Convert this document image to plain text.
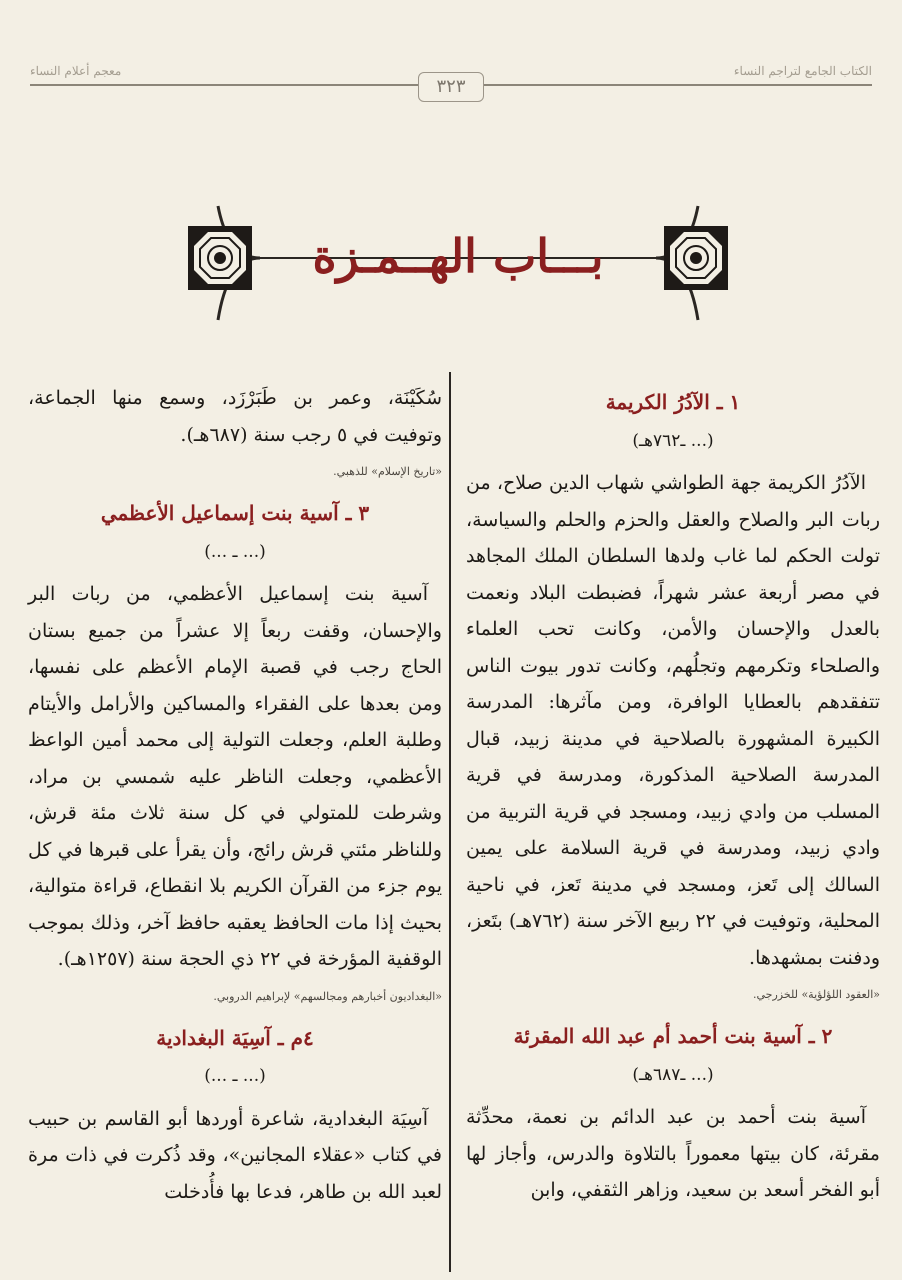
الكتاب الجامع لتراجم النساء
معجم أعلام النساء
٣٢٣
بـــاب الهــمـزة
١ ـ الآدُرُ الكريمة
(... ـ٧٦٢هـ)

الآدُرُ الكريمة جهة الطواشي شهاب الدين صلاح، من ربات البر والصلاح والعقل والحزم والحلم والسياسة، تولت الحكم لما غاب ولدها السلطان الملك المجاهد في مصر أربعة عشر شهراً، فضبطت البلاد ونعمت بالعدل والإحسان والأمن، وكانت تحب العلماء والصلحاء وتكرمهم وتجلُهم، وكانت تدور بيوت الناس تتفقدهم بالعطايا الوافرة، ومن مآثرها: المدرسة الكبيرة المشهورة بالصلاحية في مدينة زبيد، قبال المدرسة الصلاحية المذكورة، ومدرسة في قرية المسلب من وادي زبيد، ومسجد في قرية التربية من وادي زبيد، ومدرسة في قرية السلامة على يمين السالك إلى تَعز، ومسجد في مدينة تَعز، في ناحية المحلية، وتوفيت في ٢٢ ربيع الآخر سنة (٧٦٢هـ) بتَعز، ودفنت بمشهدها.

«العقود اللؤلؤية» للخزرجي.
٢ ـ آسية بنت أحمد أم عبد الله المقرئة
(... ـ٦٨٧هـ)

آسية بنت أحمد بن عبد الدائم بن نعمة، محدِّثة مقرئة، كان بيتها معموراً بالتلاوة والدرس، وأجاز لها أبو الفخر أسعد بن سعيد، وزاهر الثقفي، وابن

سُكَيْنَة، وعمر بن طَبَرْزَد، وسمع منها الجماعة، وتوفيت في ٥ رجب سنة (٦٨٧هـ).

«تاريخ الإسلام» للذهبي.
٣ ـ آسية بنت إسماعيل الأعظمي
(... ـ ...)

آسية بنت إسماعيل الأعظمي، من ربات البر والإحسان، وقفت ربعاً إلا عشراً من جميع بستان الحاج رجب في قصبة الإمام الأعظم على نفسها، ومن بعدها على الفقراء والمساكين والأرامل والأيتام وطلبة العلم، وجعلت التولية إلى محمد أمين الواعظ الأعظمي، وجعلت الناظر عليه شمسي بن مراد، وشرطت للمتولي في كل سنة ثلاث مئة قرش، وللناظر مئتي قرش رائج، وأن يقرأ على قبرها في كل يوم جزء من القرآن الكريم بلا انقطاع، قراءة متوالية، بحيث إذا مات الحافظ يعقبه حافظ آخر، وذلك بموجب الوقفية المؤرخة في ٢٢ ذي الحجة سنة (١٢٥٧هـ).

«البغداديون أخبارهم ومجالسهم» لإبراهيم الدروبي.
٤م ـ آسِيَة البغدادية
(... ـ ...)

آسِيَة البغدادية، شاعرة أوردها أبو القاسم بن حبيب في كتاب «عقلاء المجانين»، وقد ذُكرت في ذات مرة لعبد الله بن طاهر، فدعا بها فأُدخلت
